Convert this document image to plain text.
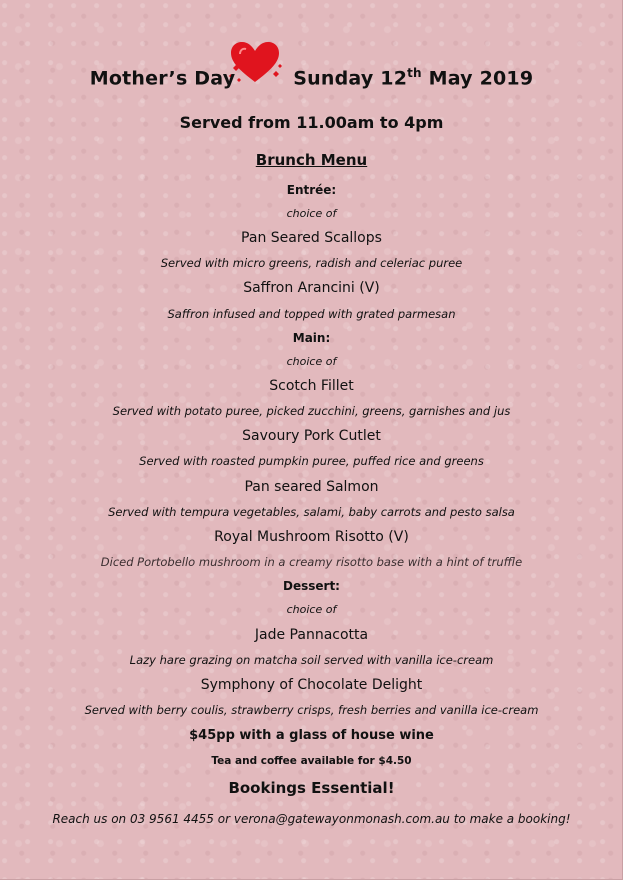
Mother’s Day	Sunday 12th May 2019
Served from 11.00am to 4pm
Brunch Menu
Entrée:
choice of
Pan Seared Scallops
Served with micro greens, radish and celeriac puree
Saffron Arancini (V)
Saffron infused and topped with grated parmesan
Main:
choice of
Scotch Fillet
Served with potato puree, picked zucchini, greens, garnishes and jus
Savoury Pork Cutlet
Served with roasted pumpkin puree, puffed rice and greens
Pan seared Salmon
Served with tempura vegetables, salami, baby carrots and pesto salsa
Royal Mushroom Risotto (V)
Diced Portobello mushroom in a creamy risotto base with a hint of truffle
Dessert:
choice of
Jade Pannacotta
Lazy hare grazing on matcha soil served with vanilla ice-cream
Symphony of Chocolate Delight
Served with berry coulis, strawberry crisps, fresh berries and vanilla ice-cream
$45pp with a glass of house wine
Tea and coffee available for $4.50
Bookings Essential!
Reach us on 03 9561 4455 or verona@gatewayonmonash.com.au to make a booking!
